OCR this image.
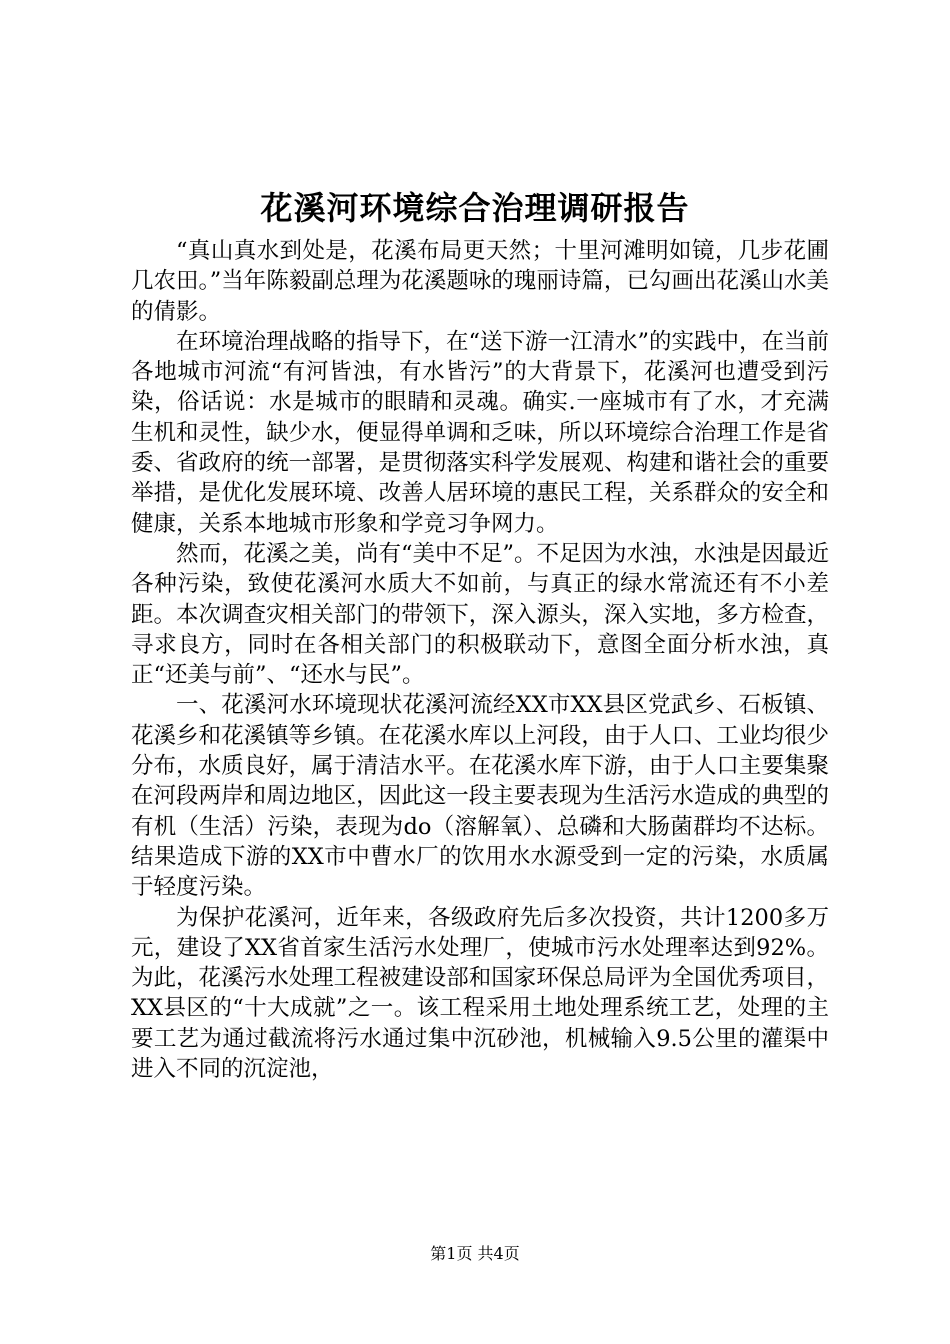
花溪河环境综合治理调研报告

“真山真水到处是，花溪布局更天然；十里河滩明如镜，几步花圃几农田。”当年陈毅副总理为花溪题咏的瑰丽诗篇，已勾画出花溪山水美的倩影。

在环境治理战略的指导下，在“送下游一江清水”的实践中，在当前各地城市河流“有河皆浊，有水皆污”的大背景下，花溪河也遭受到污染，俗话说：水是城市的眼睛和灵魂。确实.一座城市有了水，才充满生机和灵性，缺少水，便显得单调和乏味，所以环境综合治理工作是省委、省政府的统一部署，是贯彻落实科学发展观、构建和谐社会的重要举措，是优化发展环境、改善人居环境的惠民工程，关系群众的安全和健康，关系本地城市形象和学竞习争网力。

然而，花溪之美，尚有“美中不足”。不足因为水浊，水浊是因最近各种污染，致使花溪河水质大不如前，与真正的绿水常流还有不小差距。本次调查灾相关部门的带领下，深入源头，深入实地，多方检查，寻求良方，同时在各相关部门的积极联动下，意图全面分析水浊，真正“还美与前”、“还水与民”。

一、花溪河水环境现状花溪河流经XX市XX县区党武乡、石板镇、花溪乡和花溪镇等乡镇。在花溪水库以上河段，由于人口、工业均很少分布，水质良好，属于清洁水平。在花溪水库下游，由于人口主要集聚在河段两岸和周边地区，因此这一段主要表现为生活污水造成的典型的有机（生活）污染，表现为do（溶解氧）、总磷和大肠菌群均不达标。结果造成下游的XX市中曹水厂的饮用水水源受到一定的污染，水质属于轻度污染。

为保护花溪河，近年来，各级政府先后多次投资，共计1200多万元，建设了XX省首家生活污水处理厂，使城市污水处理率达到92%。为此，花溪污水处理工程被建设部和国家环保总局评为全国优秀项目，XX县区的“十大成就”之一。该工程采用土地处理系统工艺，处理的主要工艺为通过截流将污水通过集中沉砂池，机械输入9.5公里的灌渠中进入不同的沉淀池，

第1页 共4页
